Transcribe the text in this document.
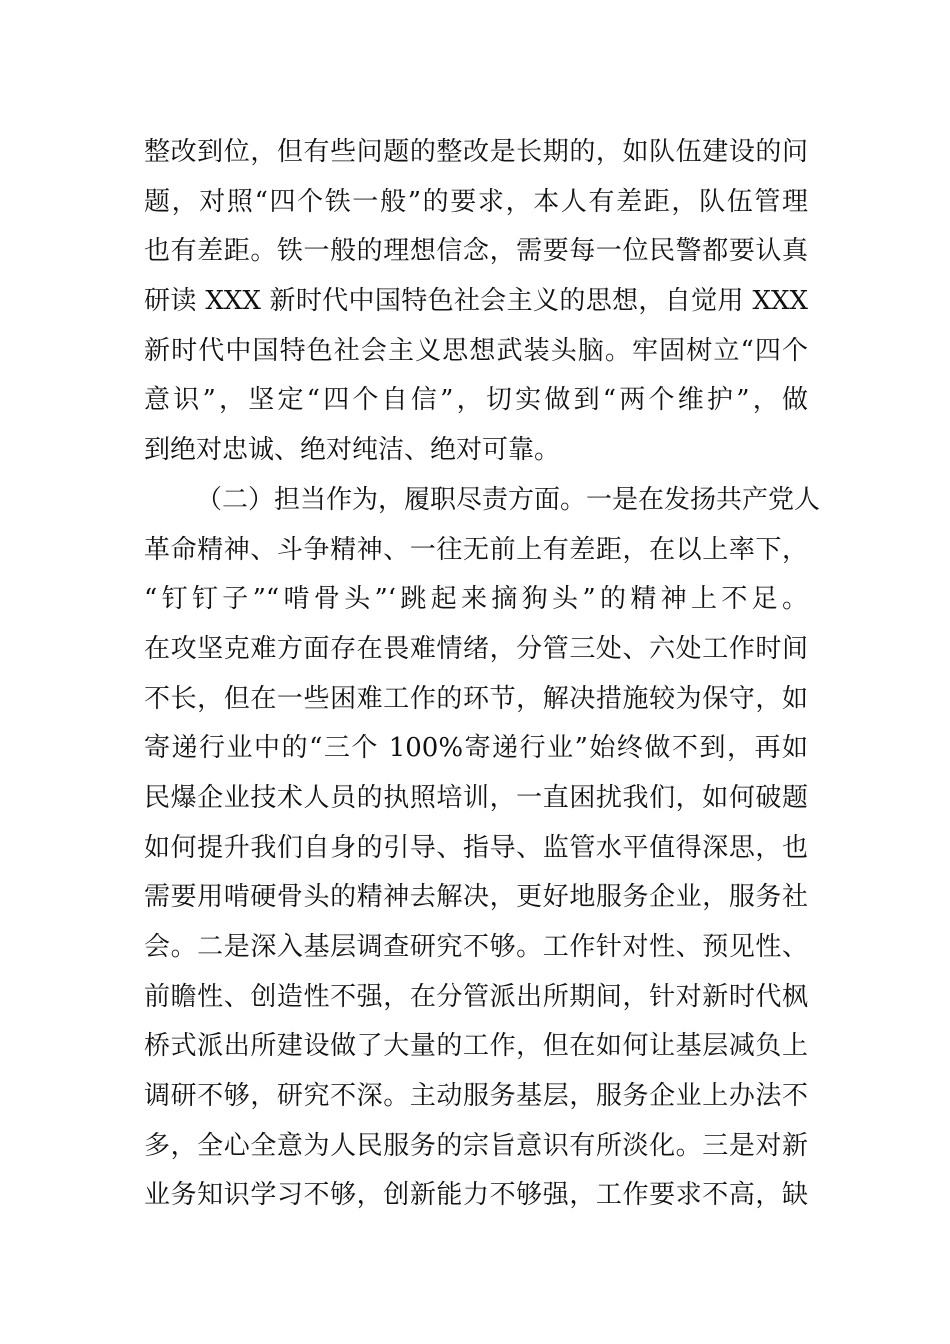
整改到位，但有些问题的整改是长期的，如队伍建设的问
题，对照“四个铁一般”的要求，本人有差距，队伍管理
也有差距。铁一般的理想信念，需要每一位民警都要认真
研读 XXX 新时代中国特色社会主义的思想，自觉用 XXX
新时代中国特色社会主义思想武装头脑。牢固树立“四个
意识”，坚定“四个自信”，切实做到“两个维护”，做
到绝对忠诚、绝对纯洁、绝对可靠。
（二）担当作为，履职尽责方面。一是在发扬共产党人
革命精神、斗争精神、一往无前上有差距，在以上率下，
“钉钉子”“啃骨头”‘跳起来摘狗头”的精神上不足。
在攻坚克难方面存在畏难情绪，分管三处、六处工作时间
不长，但在一些困难工作的环节，解决措施较为保守，如
寄递行业中的“三个 100%寄递行业”始终做不到，再如
民爆企业技术人员的执照培训，一直困扰我们，如何破题
如何提升我们自身的引导、指导、监管水平值得深思，也
需要用啃硬骨头的精神去解决，更好地服务企业，服务社
会。二是深入基层调查研究不够。工作针对性、预见性、
前瞻性、创造性不强，在分管派出所期间，针对新时代枫
桥式派出所建设做了大量的工作，但在如何让基层减负上
调研不够，研究不深。主动服务基层，服务企业上办法不
多，全心全意为人民服务的宗旨意识有所淡化。三是对新
业务知识学习不够，创新能力不够强，工作要求不高，缺
